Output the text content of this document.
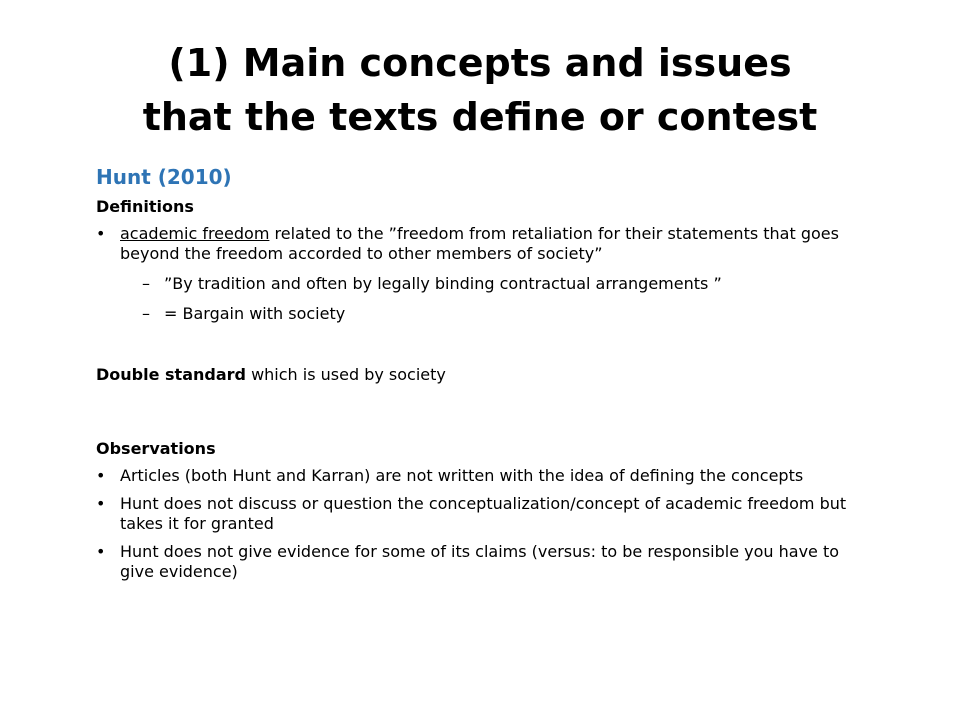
(1) Main concepts and issues
that the texts define or contest
Hunt (2010)
Definitions
• academic freedom related to the ”freedom from retaliation for their statements that goes beyond the freedom accorded to other members of society”
– ”By tradition and often by legally binding contractual arrangements ”
– = Bargain with society

Double standard which is used by society

Observations
• Articles (both Hunt and Karran) are not written with the idea of defining the concepts
• Hunt does not discuss or question the conceptualization/concept of academic freedom but takes it for granted
• Hunt does not give evidence for some of its claims (versus: to be responsible you have to give evidence)
